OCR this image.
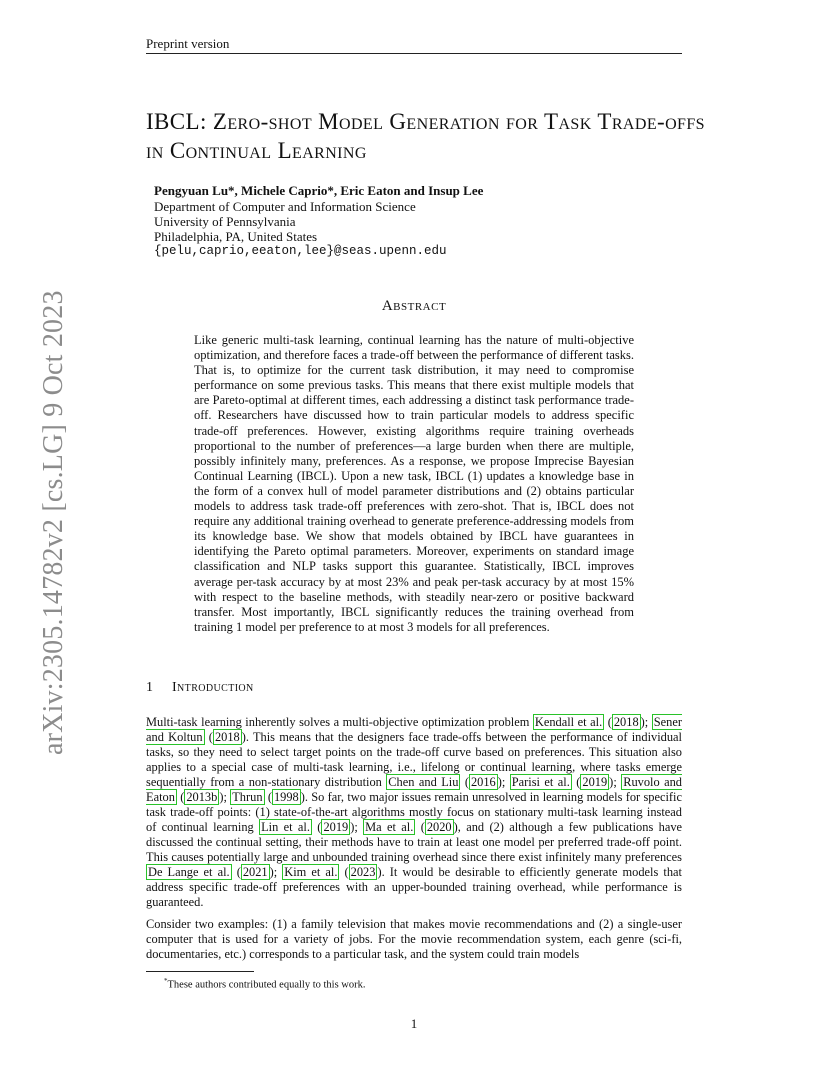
Preprint version
arXiv:2305.14782v2 [cs.LG] 9 Oct 2023
IBCL: Zero-shot Model Generation for Task Trade-offs in Continual Learning
Pengyuan Lu*, Michele Caprio*, Eric Eaton and Insup Lee
Department of Computer and Information Science
University of Pennsylvania
Philadelphia, PA, United States
{pelu,caprio,eeaton,lee}@seas.upenn.edu
Abstract
Like generic multi-task learning, continual learning has the nature of multi-objective optimization, and therefore faces a trade-off between the performance of different tasks. That is, to optimize for the current task distribution, it may need to compromise performance on some previous tasks. This means that there exist multiple models that are Pareto-optimal at different times, each addressing a distinct task performance trade-off. Researchers have discussed how to train particular models to address specific trade-off preferences. However, existing algorithms require training overheads proportional to the number of preferences—a large burden when there are multiple, possibly infinitely many, preferences. As a response, we propose Imprecise Bayesian Continual Learning (IBCL). Upon a new task, IBCL (1) updates a knowledge base in the form of a convex hull of model parameter distributions and (2) obtains particular models to address task trade-off preferences with zero-shot. That is, IBCL does not require any additional training overhead to generate preference-addressing models from its knowledge base. We show that models obtained by IBCL have guarantees in identifying the Pareto optimal parameters. Moreover, experiments on standard image classification and NLP tasks support this guarantee. Statistically, IBCL improves average per-task accuracy by at most 23% and peak per-task accuracy by at most 15% with respect to the baseline methods, with steadily near-zero or positive backward transfer. Most importantly, IBCL significantly reduces the training overhead from training 1 model per preference to at most 3 models for all preferences.
1 Introduction

Multi-task learning inherently solves a multi-objective optimization problem Kendall et al. ( 2018 ); Sener and Koltun ( 2018 ). This means that the designers face trade-offs between the performance of individual tasks, so they need to select target points on the trade-off curve based on preferences. This situation also applies to a special case of multi-task learning, i.e., lifelong or continual learning, where tasks emerge sequentially from a non-stationary distribution Chen and Liu ( 2016 ); Parisi et al. ( 2019 ); Ruvolo and Eaton ( 2013b ); Thrun ( 1998 ). So far, two major issues remain unresolved in learning models for specific task trade-off points: (1) state-of-the-art algorithms mostly focus on stationary multi-task learning instead of continual learning Lin et al. ( 2019 ); Ma et al. ( 2020 ), and (2) although a few publications have discussed the continual setting, their methods have to train at least one model per preferred trade-off point. This causes potentially large and unbounded training overhead since there exist infinitely many preferences De Lange et al. ( 2021 ); Kim et al. ( 2023 ). It would be desirable to efficiently generate models that address specific trade-off preferences with an upper-bounded training overhead, while performance is guaranteed.

Consider two examples: (1) a family television that makes movie recommendations and (2) a single-user computer that is used for a variety of jobs. For the movie recommendation system, each genre (sci-fi, documentaries, etc.) corresponds to a particular task, and the system could train models

*These authors contributed equally to this work.
1
